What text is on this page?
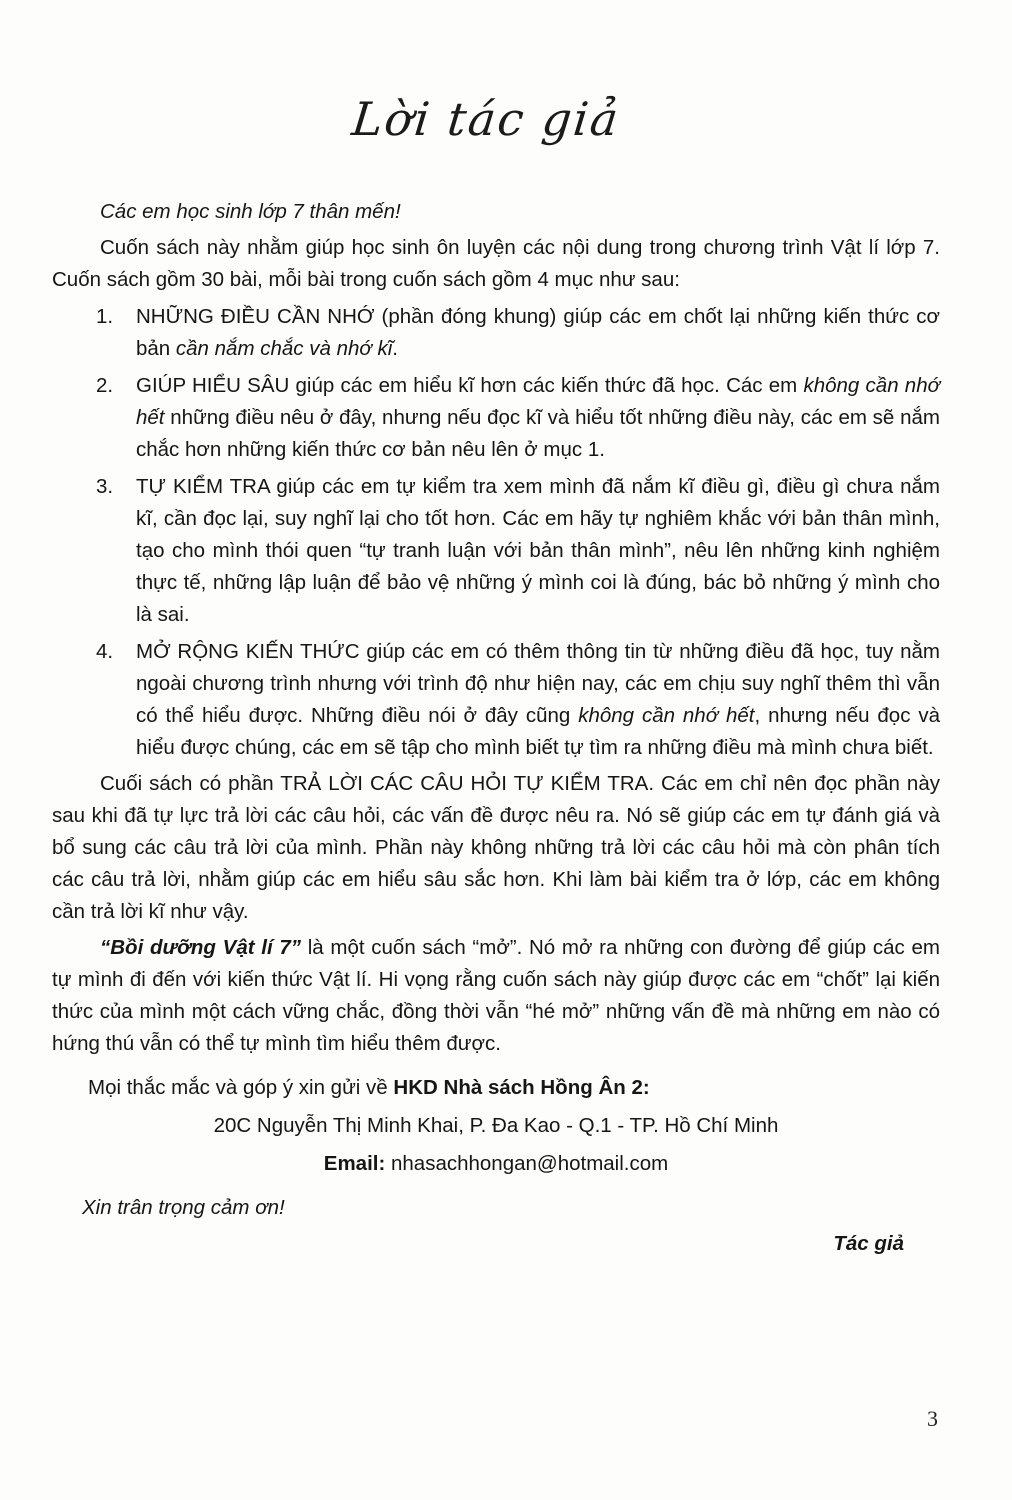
Lời tác giả
Các em học sinh lớp 7 thân mến!
Cuốn sách này nhằm giúp học sinh ôn luyện các nội dung trong chương trình Vật lí lớp 7. Cuốn sách gồm 30 bài, mỗi bài trong cuốn sách gồm 4 mục như sau:
1. NHỮNG ĐIỀU CẦN NHỚ (phần đóng khung) giúp các em chốt lại những kiến thức cơ bản cần nắm chắc và nhớ kĩ.
2. GIÚP HIỂU SÂU giúp các em hiểu kĩ hơn các kiến thức đã học. Các em không cần nhớ hết những điều nêu ở đây, nhưng nếu đọc kĩ và hiểu tốt những điều này, các em sẽ nắm chắc hơn những kiến thức cơ bản nêu lên ở mục 1.
3. TỰ KIỂM TRA giúp các em tự kiểm tra xem mình đã nắm kĩ điều gì, điều gì chưa nắm kĩ, cần đọc lại, suy nghĩ lại cho tốt hơn. Các em hãy tự nghiêm khắc với bản thân mình, tạo cho mình thói quen “tự tranh luận với bản thân mình”, nêu lên những kinh nghiệm thực tế, những lập luận để bảo vệ những ý mình coi là đúng, bác bỏ những ý mình cho là sai.
4. MỞ RỘNG KIẾN THỨC giúp các em có thêm thông tin từ những điều đã học, tuy nằm ngoài chương trình nhưng với trình độ như hiện nay, các em chịu suy nghĩ thêm thì vẫn có thể hiểu được. Những điều nói ở đây cũng không cần nhớ hết, nhưng nếu đọc và hiểu được chúng, các em sẽ tập cho mình biết tự tìm ra những điều mà mình chưa biết.
Cuối sách có phần TRẢ LỜI CÁC CÂU HỎI TỰ KIỂM TRA. Các em chỉ nên đọc phần này sau khi đã tự lực trả lời các câu hỏi, các vấn đề được nêu ra. Nó sẽ giúp các em tự đánh giá và bổ sung các câu trả lời của mình. Phần này không những trả lời các câu hỏi mà còn phân tích các câu trả lời, nhằm giúp các em hiểu sâu sắc hơn. Khi làm bài kiểm tra ở lớp, các em không cần trả lời kĩ như vậy.
“Bồi dưỡng Vật lí 7” là một cuốn sách “mở”. Nó mở ra những con đường để giúp các em tự mình đi đến với kiến thức Vật lí. Hi vọng rằng cuốn sách này giúp được các em “chốt” lại kiến thức của mình một cách vững chắc, đồng thời vẫn “hé mở” những vấn đề mà những em nào có hứng thú vẫn có thể tự mình tìm hiểu thêm được.
Mọi thắc mắc và góp ý xin gửi về HKD Nhà sách Hồng Ân 2:
20C Nguyễn Thị Minh Khai, P. Đa Kao - Q.1 - TP. Hồ Chí Minh
Email: nhasachhongan@hotmail.com
Xin trân trọng cảm ơn!
Tác giả
3
